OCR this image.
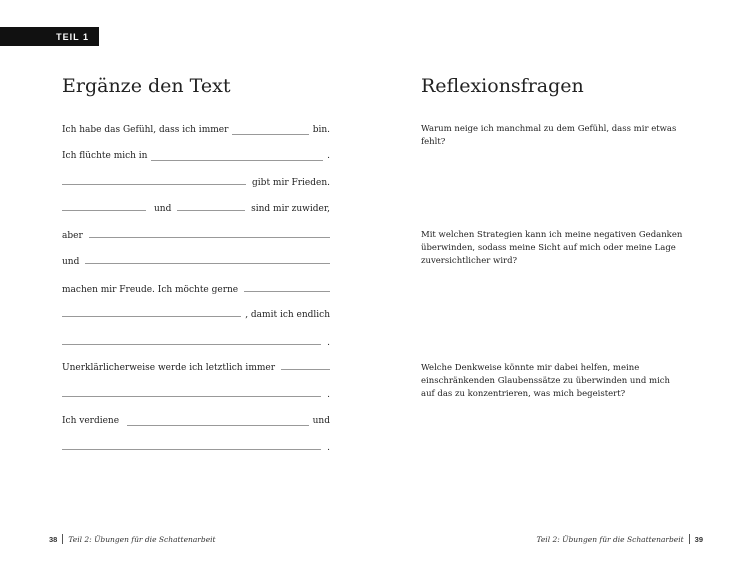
TEIL 1
Ergänze den Text	Reflexionsfragen
Ich habe das Gefühl, dass ich immer	bin.
Ich flüchte mich in	.
gibt mir Frieden.
und	sind mir zuwider,
aber
und
machen mir Freude. Ich möchte gerne
, damit ich endlich
.
Unerklärlicherweise werde ich letztlich immer
.
Ich verdiene	und
.

Warum neige ich manchmal zu dem Gefühl, dass mir etwas fehlt?

Mit welchen Strategien kann ich meine negativen Gedanken überwinden, sodass meine Sicht auf mich oder meine Lage zuversichtlicher wird?

Welche Denkweise könnte mir dabei helfen, meine einschränkenden Glaubenssätze zu überwinden und mich auf das zu konzentrieren, was mich begeistert?

38 Teil 2: Übungen für die Schattenarbeit	Teil 2: Übungen für die Schattenarbeit 39
